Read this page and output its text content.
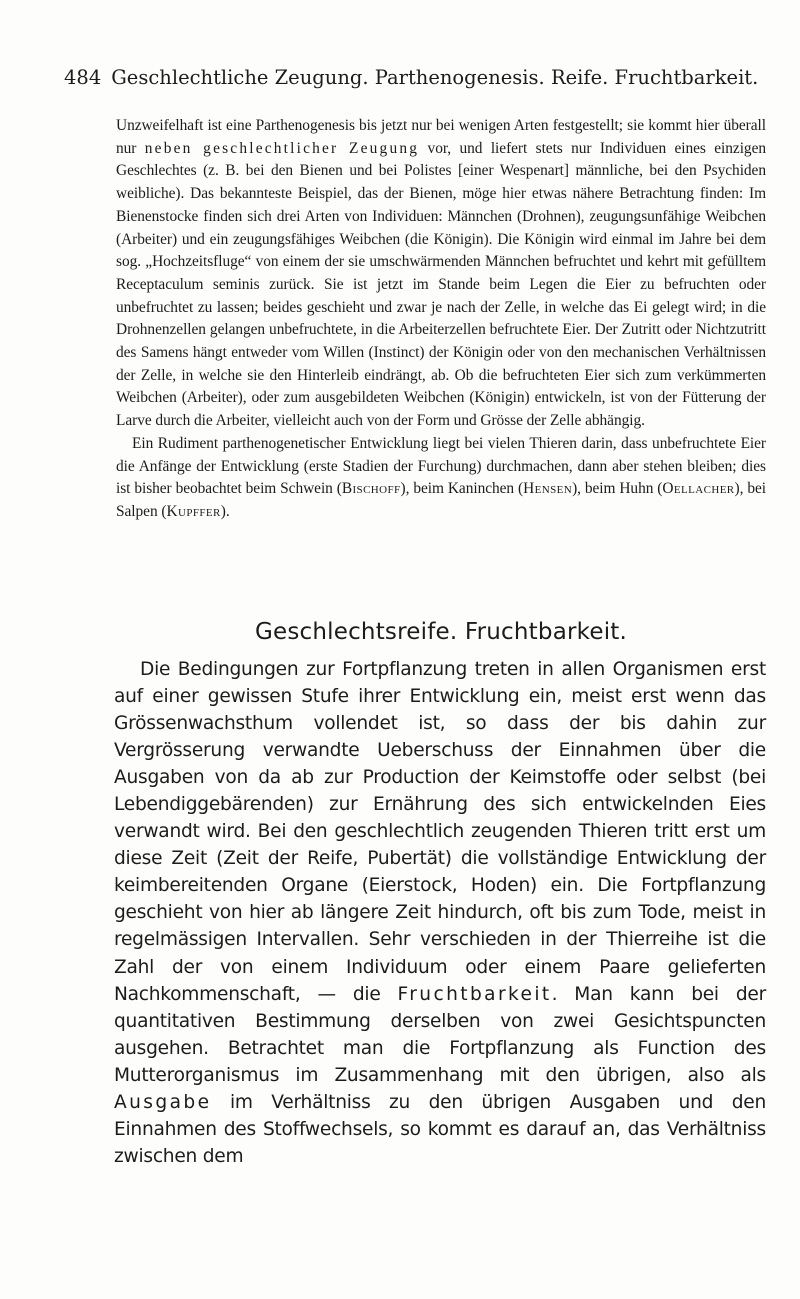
484 Geschlechtliche Zeugung. Parthenogenesis. Reife. Fruchtbarkeit.

Unzweifelhaft ist eine Parthenogenesis bis jetzt nur bei wenigen Arten festgestellt; sie kommt hier überall nur neben geschlechtlicher Zeugung vor, und liefert stets nur Individuen eines einzigen Geschlechtes (z. B. bei den Bienen und bei Polistes [einer Wespenart] männliche, bei den Psychiden weibliche). Das bekannteste Beispiel, das der Bienen, möge hier etwas nähere Betrachtung finden: Im Bienenstocke finden sich drei Arten von Individuen: Männchen (Drohnen), zeugungsunfähige Weibchen (Arbeiter) und ein zeugungsfähiges Weibchen (die Königin). Die Königin wird einmal im Jahre bei dem sog. „Hochzeitsfluge“ von einem der sie umschwärmenden Männchen befruchtet und kehrt mit gefülltem Receptaculum seminis zurück. Sie ist jetzt im Stande beim Legen die Eier zu befruchten oder unbefruchtet zu lassen; beides geschieht und zwar je nach der Zelle, in welche das Ei gelegt wird; in die Drohnenzellen gelangen unbefruchtete, in die Arbeiterzellen befruchtete Eier. Der Zutritt oder Nichtzutritt des Samens hängt entweder vom Willen (Instinct) der Königin oder von den mechanischen Verhältnissen der Zelle, in welche sie den Hinterleib eindrängt, ab. Ob die befruchteten Eier sich zum verkümmerten Weibchen (Arbeiter), oder zum ausgebildeten Weibchen (Königin) entwickeln, ist von der Fütterung der Larve durch die Arbeiter, vielleicht auch von der Form und Grösse der Zelle abhängig.

Ein Rudiment parthenogenetischer Entwicklung liegt bei vielen Thieren darin, dass unbefruchtete Eier die Anfänge der Entwicklung (erste Stadien der Furchung) durchmachen, dann aber stehen bleiben; dies ist bisher beobachtet beim Schwein (Bischoff), beim Kaninchen (Hensen), beim Huhn (Oellacher), bei Salpen (Kupffer).

Geschlechtsreife. Fruchtbarkeit.

Die Bedingungen zur Fortpflanzung treten in allen Organismen erst auf einer gewissen Stufe ihrer Entwicklung ein, meist erst wenn das Grössenwachsthum vollendet ist, so dass der bis dahin zur Vergrösserung verwandte Ueberschuss der Einnahmen über die Ausgaben von da ab zur Production der Keimstoffe oder selbst (bei Lebendiggebärenden) zur Ernährung des sich entwickelnden Eies verwandt wird. Bei den geschlechtlich zeugenden Thieren tritt erst um diese Zeit (Zeit der Reife, Pubertät) die vollständige Entwicklung der keimbereitenden Organe (Eierstock, Hoden) ein. Die Fortpflanzung geschieht von hier ab längere Zeit hindurch, oft bis zum Tode, meist in regelmässigen Intervallen. Sehr verschieden in der Thierreihe ist die Zahl der von einem Individuum oder einem Paare gelieferten Nachkommenschaft, — die Fruchtbarkeit. Man kann bei der quantitativen Bestimmung derselben von zwei Gesichtspuncten ausgehen. Betrachtet man die Fortpflanzung als Function des Mutterorganismus im Zusammenhang mit den übrigen, also als Ausgabe im Verhältniss zu den übrigen Ausgaben und den Einnahmen des Stoffwechsels, so kommt es darauf an, das Verhältniss zwischen dem
